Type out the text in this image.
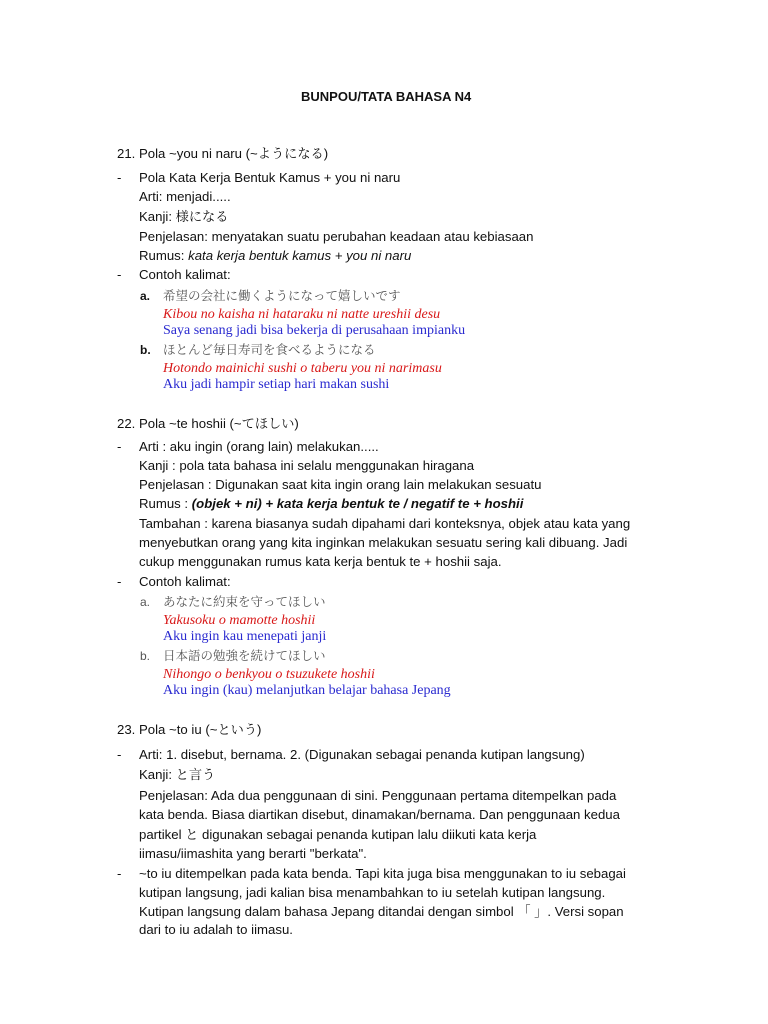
BUNPOU/TATA BAHASA N4
21. Pola ~you ni naru (~ようになる)
- Pola Kata Kerja Bentuk Kamus + you ni naru
Arti: menjadi.....
Kanji: 様になる
Penjelasan: menyatakan suatu perubahan keadaan atau kebiasaan
Rumus: kata kerja bentuk kamus + you ni naru
- Contoh kalimat:
a. 希望の会社に働くようになって嬉しいです
Kibou no kaisha ni hataraku ni natte ureshii desu
Saya senang jadi bisa bekerja di perusahaan impianku
b. ほとんど毎日寿司を食べるようになる
Hotondo mainichi sushi o taberu you ni narimasu
Aku jadi hampir setiap hari makan sushi
22. Pola ~te hoshii (~てほしい)
- Arti : aku ingin (orang lain) melakukan.....
Kanji : pola tata bahasa ini selalu menggunakan hiragana
Penjelasan : Digunakan saat kita ingin orang lain melakukan sesuatu
Rumus : (objek + ni) + kata kerja bentuk te / negatif te + hoshii
Tambahan : karena biasanya sudah dipahami dari konteksnya, objek atau kata yang
menyebutkan orang yang kita inginkan melakukan sesuatu sering kali dibuang. Jadi
cukup menggunakan rumus kata kerja bentuk te + hoshii saja.
- Contoh kalimat:
a. あなたに約束を守ってほしい
Yakusoku o mamotte hoshii
Aku ingin kau menepati janji
b. 日本語の勉強を続けてほしい
Nihongo o benkyou o tsuzukete hoshii
Aku ingin (kau) melanjutkan belajar bahasa Jepang
23. Pola ~to iu (~という)
- Arti: 1. disebut, bernama. 2. (Digunakan sebagai penanda kutipan langsung)
Kanji: と言う
Penjelasan: Ada dua penggunaan di sini. Penggunaan pertama ditempelkan pada
kata benda. Biasa diartikan disebut, dinamakan/bernama. Dan penggunaan kedua
partikel と digunakan sebagai penanda kutipan lalu diikuti kata kerja
iimasu/iimashita yang berarti "berkata".
- ~to iu ditempelkan pada kata benda. Tapi kita juga bisa menggunakan to iu sebagai
kutipan langsung, jadi kalian bisa menambahkan to iu setelah kutipan langsung.
Kutipan langsung dalam bahasa Jepang ditandai dengan simbol 「 」. Versi sopan
dari to iu adalah to iimasu.
